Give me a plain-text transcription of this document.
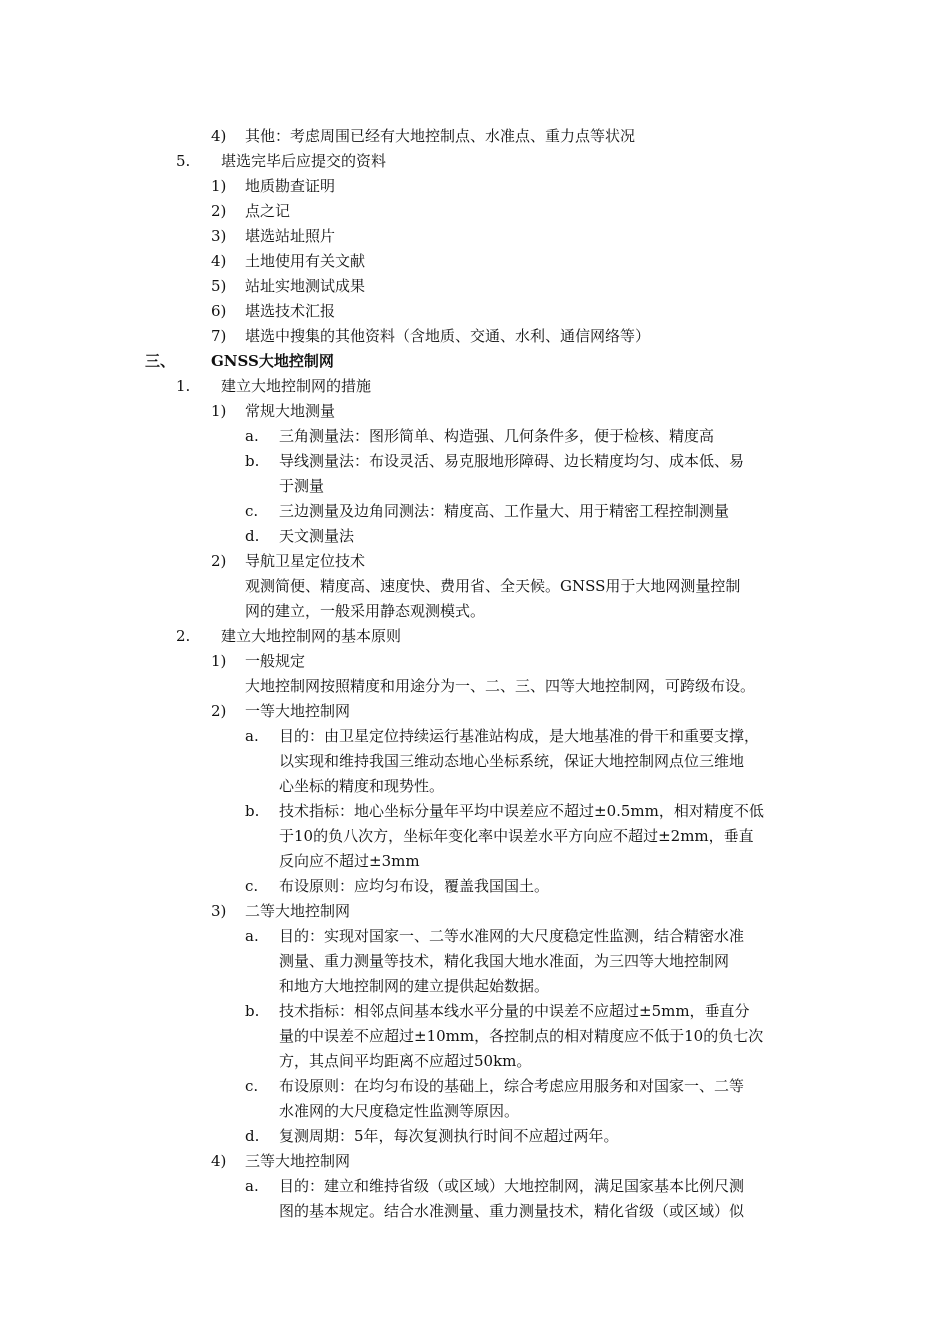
4) 其他：考虑周围已经有大地控制点、水准点、重力点等状况
5. 堪选完毕后应提交的资料
1) 地质勘查证明
2) 点之记
3) 堪选站址照片
4) 土地使用有关文献
5) 站址实地测试成果
6) 堪选技术汇报
7) 堪选中搜集的其他资料（含地质、交通、水利、通信网络等）
三、 GNSS大地控制网
1. 建立大地控制网的措施
1) 常规大地测量
a. 三角测量法：图形简单、构造强、几何条件多，便于检核、精度高
b. 导线测量法：布设灵活、易克服地形障碍、边长精度均匀、成本低、易
于测量
c. 三边测量及边角同测法：精度高、工作量大、用于精密工程控制测量
d. 天文测量法
2) 导航卫星定位技术
观测简便、精度高、速度快、费用省、全天候。GNSS用于大地网测量控制
网的建立，一般采用静态观测模式。
2. 建立大地控制网的基本原则
1) 一般规定
大地控制网按照精度和用途分为一、二、三、四等大地控制网，可跨级布设。
2) 一等大地控制网
a. 目的：由卫星定位持续运行基准站构成，是大地基准的骨干和重要支撑，
以实现和维持我国三维动态地心坐标系统，保证大地控制网点位三维地
心坐标的精度和现势性。
b. 技术指标：地心坐标分量年平均中误差应不超过±0.5mm，相对精度不低
于10的负八次方，坐标年变化率中误差水平方向应不超过±2mm，垂直
反向应不超过±3mm
c. 布设原则：应均匀布设，覆盖我国国土。
3) 二等大地控制网
a. 目的：实现对国家一、二等水准网的大尺度稳定性监测，结合精密水准
测量、重力测量等技术，精化我国大地水准面，为三四等大地控制网
和地方大地控制网的建立提供起始数据。
b. 技术指标：相邻点间基本线水平分量的中误差不应超过±5mm，垂直分
量的中误差不应超过±10mm，各控制点的相对精度应不低于10的负七次
方，其点间平均距离不应超过50km。
c. 布设原则：在均匀布设的基础上，综合考虑应用服务和对国家一、二等
水准网的大尺度稳定性监测等原因。
d. 复测周期：5年，每次复测执行时间不应超过两年。
4) 三等大地控制网
a. 目的：建立和维持省级（或区域）大地控制网，满足国家基本比例尺测
图的基本规定。结合水准测量、重力测量技术，精化省级（或区域）似
